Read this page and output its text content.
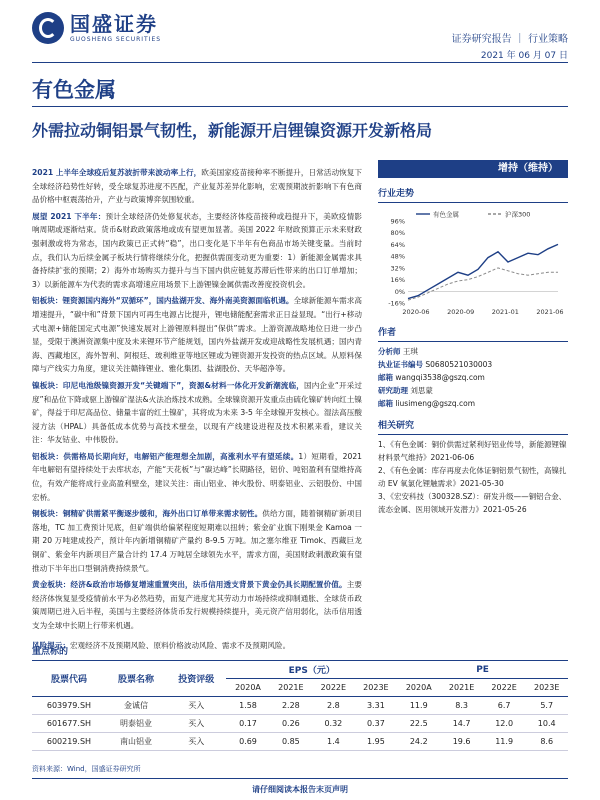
国盛证券
GUOSHENG SECURITIES	证券研究报告 ｜ 行业策略
2021 年 06 月 07 日
有色金属
外需拉动铜铝景气韧性，新能源开启锂镍资源开发新格局

2021 上半年全球疫后复苏波折带来波动率上行，欧美国家疫苗接种率不断提升，日常活动恢复下全球经济趋势性好转，受全球复苏进度不匹配，产业复苏差异化影响，宏观预期波折影响下有色商品价格中枢震荡抬升，产业与政策博弈氛围较重。

展望 2021 下半年：预计全球经济仍处修复状态，主要经济体疫苗接种或趋提升下，美欧疫情影响周期或逐渐结束。货币&财政政策落地或成有望更加显著。美国 2022 年财政预算正示未来财政强刺激或将为常态，国内政策已正式转“稳”，出口变化是下半年有色商品市场关键变量。当前时点，我们认为后续金属子板块行情将继续分化，把握供需面变动更为重要：1）新能源金属需求具备持续扩张的预期；2）海外市场购买力提升与当下国内供应链复苏滞后性带来的出口订单增加；3）以新能源车为代表的需求高增速应用场景下上游锂镍金属供需改善度投资机会。

铝板块：锂资源国内海外“双循环”，国内盐湖开发、海外南美资源面临机遇。全球新能源车需求高增速提升，“碳中和”背景下国内可再生电源占比提升，锂电储能配套需求正日益显现。“出行+移动式电源+储能国定式电源”快速发展对上游锂原料提出“保供”需求。上游资源战略地位日进一步凸显，受限于澳洲资源集中度及未来锂环节产能规划，国内外盐湖开发或迎战略性发展机遇；国内青海、西藏地区，海外智利、阿根廷、玻利维亚等地区锂或为锂资源开发投资的热点区域。从原料保障与产线实力角度，建议关注赣锋锂业、雅化集团、盐湖股份、天华超净等。

镍板块：印尼电池级镍资源开发“关键端下”，资源&材料一体化开发新潮流临，国内企业“开采过度”和品位下降或驱上游镍矿湿法&火法冶炼技术成熟。全球镍资源开发重点由硫化镍矿转向红土镍矿，得益于印尼高品位、储量丰富的红土镍矿，其将成为未来 3-5 年全球镍开发核心。湿法高压酸浸方法（HPAL）具备低成本优势与高技术壁垒，以现有产线建设进程及技术积累来看，建议关注：华友钴业、中伟股份。

铝板块：供需格局长期向好，电解铝产能理想全加剧，高涨利水平有望延续。1）短期看，2021 年电解铝有望持续处于去库状态，产能“天花板”与“碳达峰”长期路径，铝价、吨铝盈利有望维持高位，有效产能将成行业高盈利壁垒，建议关注：南山铝业、神火股份、明泰铝业、云铝股份、中国宏桥。

铜板块：铜精矿供需紧平衡逐步缓和，海外出口订单带来需求韧性。供给方面，随着铜精矿新项目落地，TC 加工费预计见底，但矿端供给偏紧程度短期难以扭转；紫金矿业旗下刚果金 Kamoa 一期 20 万吨建成投产，预计年内新增铜精矿产量约 8-9.5 万吨。加之塞尔维亚 Timok、西藏巨龙铜矿、紫金年内新项目产量合计约 17.4 万吨居全球领先水平，需求方面，美国财政刺激政策有望推动下半年出口型铜消费持续景气。

黄金板块：经济&政治市场修复增速重置突出，法币信用透支背景下黄金仍具长期配置价值。主要经济体恢复显受疫情前水平为必然趋势，而复产进度尤其劳动力市场持续或抑制通胀、全球货币政策周期已进入后半程，美国与主要经济体货币发行规模持续提升，美元资产信用弱化，法币信用透支为全球中长期上行带来机遇。

风险提示：宏观经济不及预期风险、原料价格波动风险、需求不及预期风险。

增持（维持）
行业走势
96%
80%
64%
48%
32%
16%
0%
-16%
2020-06	2020-09	2021-01	2021-06
有色金属	沪深300
作者
分析师 王琪
执业证书编号 S0680521030003
邮箱 wangqi3538@gszq.com
研究助理 刘思蒙
邮箱 liusimeng@gszq.com
相关研究
1、《有色金属：铜价供需过紧利好铝业传导，新能源锂镍材料景气维持》2021-06-06
2、《有色金属：库存再度去化体证铜铝景气韧性，高镍扎动 EV 氧氯化锂触需求》2021-05-30
3、《宏安科技（300328.SZ）：研发升级——铜铝合金、流态金属、医用领域开发潜力》2021-05-26
重点标的
股票代码	股票名称	投资评级	EPS（元）				PE			
			2020A	2021E	2022E	2023E	2020A	2021E	2022E	2023E
603979.SH	金诚信	买入	1.58	2.28	2.8	3.31	11.9	8.3	6.7	5.7
601677.SH	明泰铝业	买入	0.17	0.26	0.32	0.37	22.5	14.7	12.0	10.4
600219.SH	南山铝业	买入	0.69	0.85	1.4	1.95	24.2	19.6	11.9	8.6
资料来源：Wind，国盛证券研究所
请仔细阅读本报告末页声明
